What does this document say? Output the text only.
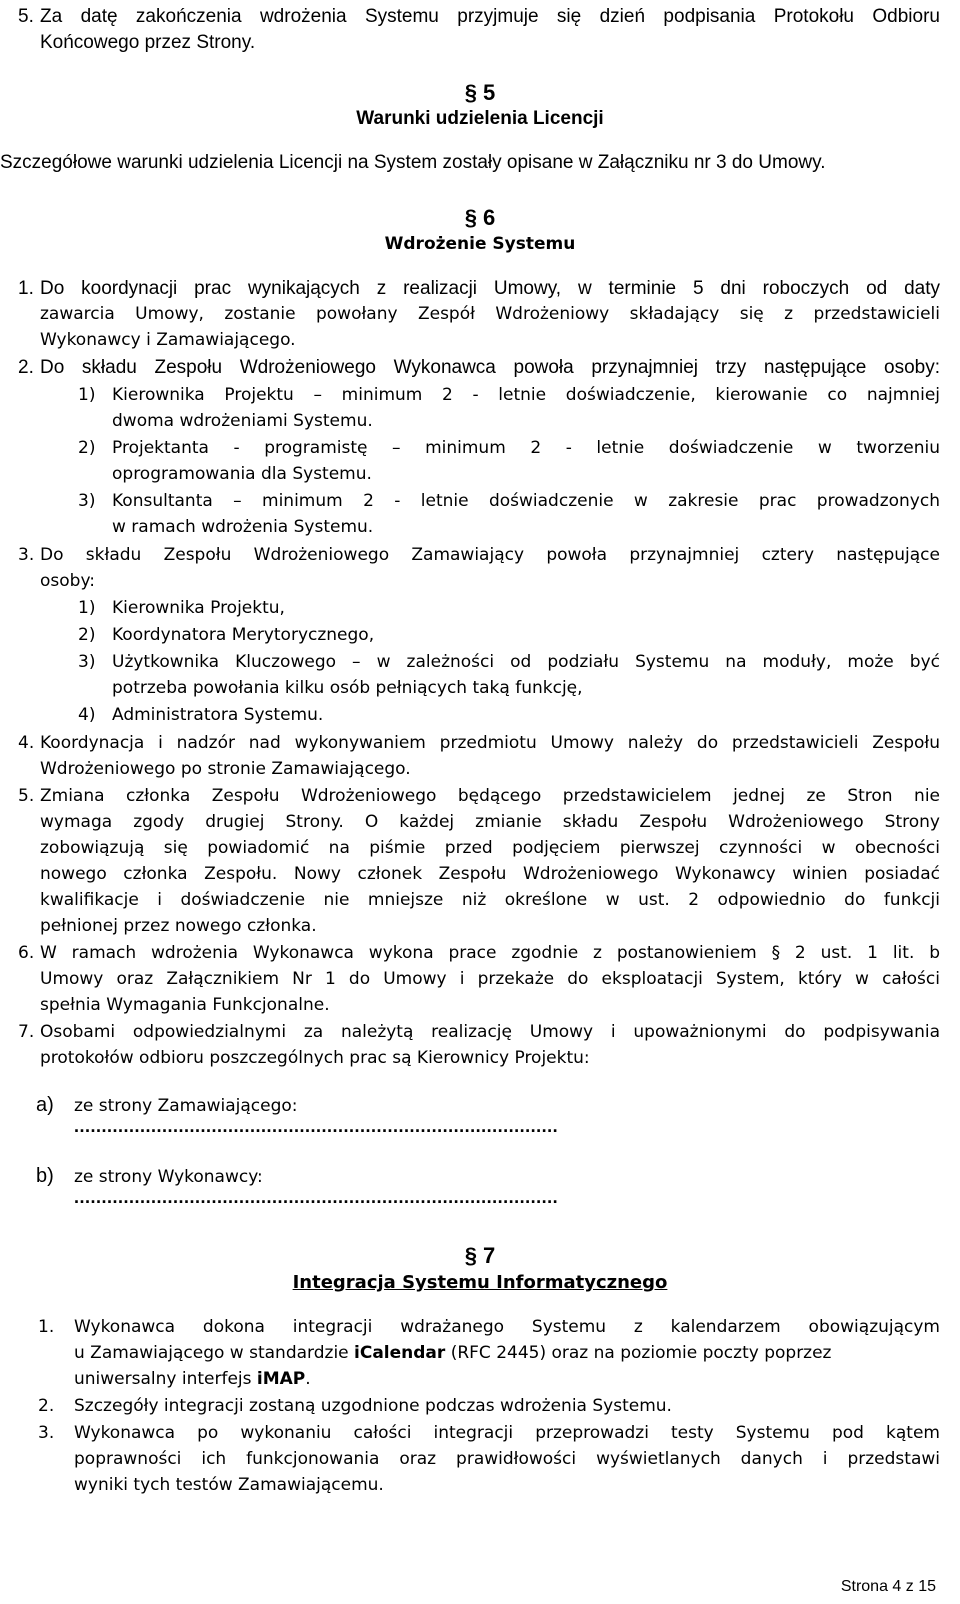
5. Za datę zakończenia wdrożenia Systemu przyjmuje się dzień podpisania Protokołu Odbioru
Końcowego przez Strony.
§ 5
Warunki udzielenia Licencji
Szczegółowe warunki udzielenia Licencji na System zostały opisane w Załączniku nr 3 do Umowy.
§ 6
Wdrożenie Systemu
1. Do koordynacji prac wynikających z realizacji Umowy, w terminie 5 dni roboczych od daty
zawarcia Umowy, zostanie powołany Zespół Wdrożeniowy składający się z przedstawicieli
Wykonawcy i Zamawiającego.
2. Do składu Zespołu Wdrożeniowego Wykonawca powoła przynajmniej trzy następujące osoby:
1) Kierownika Projektu – minimum 2 - letnie doświadczenie, kierowanie co najmniej
dwoma wdrożeniami Systemu.
2) Projektanta - programistę – minimum 2 - letnie doświadczenie w tworzeniu
oprogramowania dla Systemu.
3) Konsultanta – minimum 2 - letnie doświadczenie w zakresie prac prowadzonych
w ramach wdrożenia Systemu.
3. Do składu Zespołu Wdrożeniowego Zamawiający powoła przynajmniej cztery następujące
osoby:
1) Kierownika Projektu,
2) Koordynatora Merytorycznego,
3) Użytkownika Kluczowego – w zależności od podziału Systemu na moduły, może być
potrzeba powołania kilku osób pełniących taką funkcję,
4) Administratora Systemu.
4. Koordynacja i nadzór nad wykonywaniem przedmiotu Umowy należy do przedstawicieli Zespołu
Wdrożeniowego po stronie Zamawiającego.
5. Zmiana członka Zespołu Wdrożeniowego będącego przedstawicielem jednej ze Stron nie
wymaga zgody drugiej Strony. O każdej zmianie składu Zespołu Wdrożeniowego Strony
zobowiązują się powiadomić na piśmie przed podjęciem pierwszej czynności w obecności
nowego członka Zespołu. Nowy członek Zespołu Wdrożeniowego Wykonawcy winien posiadać
kwalifikacje i doświadczenie nie mniejsze niż określone w ust. 2 odpowiednio do funkcji
pełnionej przez nowego członka.
6. W ramach wdrożenia Wykonawca wykona prace zgodnie z postanowieniem § 2 ust. 1 lit. b
Umowy oraz Załącznikiem Nr 1 do Umowy i przekaże do eksploatacji System, który w całości
spełnia Wymagania Funkcjonalne.
7. Osobami odpowiedzialnymi za należytą realizację Umowy i upoważnionymi do podpisywania
protokołów odbioru poszczególnych prac są Kierownicy Projektu:
a) ze strony Zamawiającego:
........................................................................................
b) ze strony Wykonawcy:
........................................................................................
§ 7
Integracja Systemu Informatycznego
1. Wykonawca dokona integracji wdrażanego Systemu z kalendarzem obowiązującym
u Zamawiającego w standardzie iCalendar (RFC 2445) oraz na poziomie poczty poprzez
uniwersalny interfejs iMAP.
2. Szczegóły integracji zostaną uzgodnione podczas wdrożenia Systemu.
3. Wykonawca po wykonaniu całości integracji przeprowadzi testy Systemu pod kątem
poprawności ich funkcjonowania oraz prawidłowości wyświetlanych danych i przedstawi
wyniki tych testów Zamawiającemu.
Strona 4 z 15
